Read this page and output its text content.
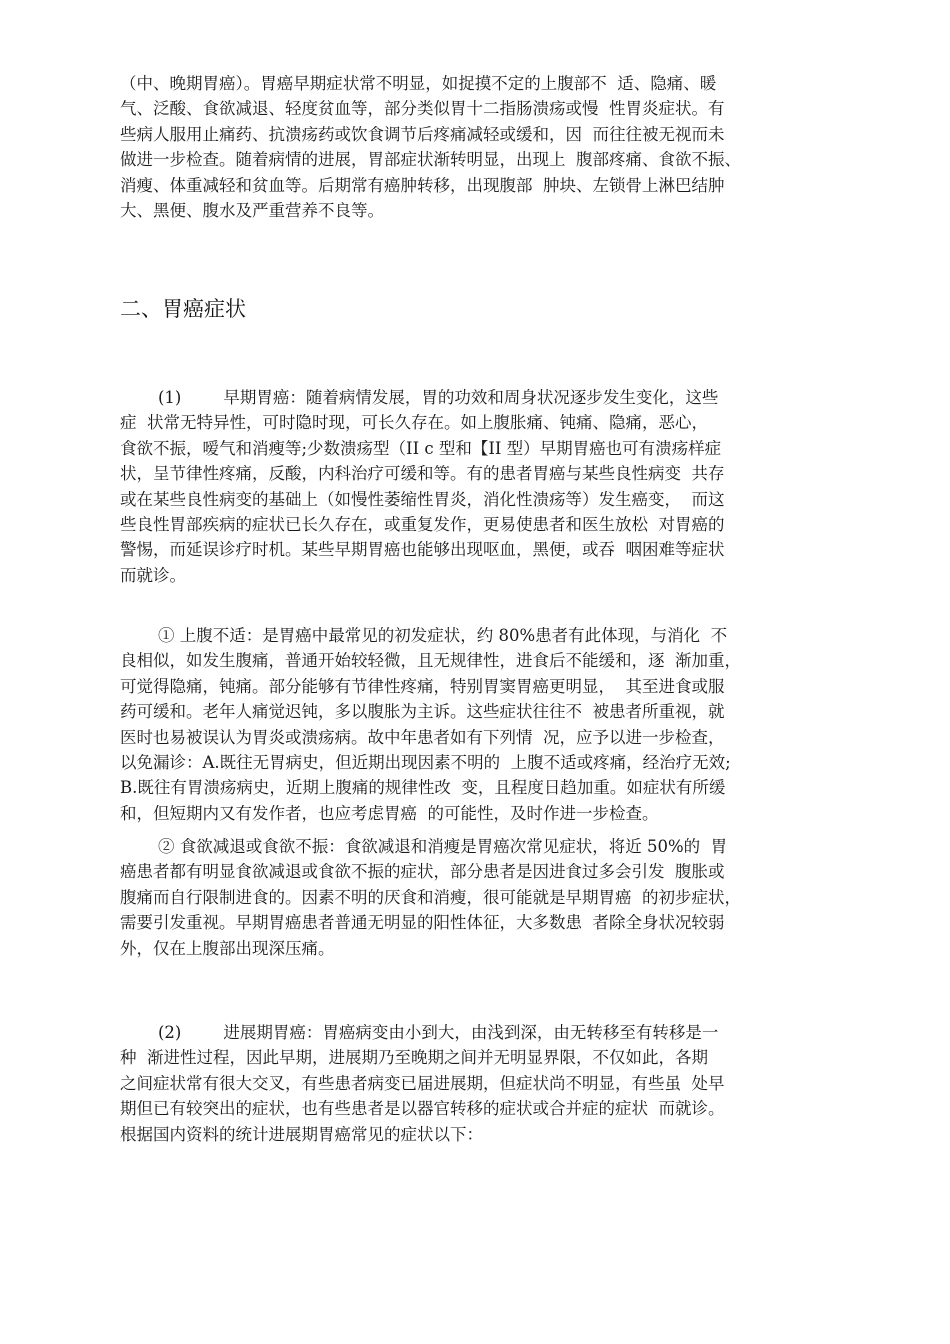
（中、晚期胃癌）。胃癌早期症状常不明显，如捉摸不定的上腹部不  适、隐痛、暖
气、泛酸、食欲减退、轻度贫血等，部分类似胃十二指肠溃疡或慢  性胃炎症状。有
些病人服用止痛药、抗溃疡药或饮食调节后疼痛减轻或缓和，因  而往往被无视而未
做进一步检查。随着病情的进展，胃部症状渐转明显，出现上  腹部疼痛、食欲不振、
消瘦、体重减轻和贫血等。后期常有癌肿转移，出现腹部  肿块、左锁骨上淋巴结肿
大、黑便、腹水及严重营养不良等。
二、胃癌症状
(1)        早期胃癌：随着病情发展，胃的功效和周身状况逐步发生变化，这些
症  状常无特异性，可时隐时现，可长久存在。如上腹胀痛、钝痛、隐痛，恶心，
食欲不振，嗳气和消瘦等;少数溃疡型（II c 型和【II 型）早期胃癌也可有溃疡样症
状，呈节律性疼痛，反酸，内科治疗可缓和等。有的患者胃癌与某些良性病变  共存
或在某些良性病变的基础上（如慢性萎缩性胃炎，消化性溃疡等）发生癌变，  而这
些良性胃部疾病的症状已长久存在，或重复发作，更易使患者和医生放松  对胃癌的
警惕，而延误诊疗时机。某些早期胃癌也能够出现呕血，黑便，或吞  咽困难等症状
而就诊。
① 上腹不适：是胃癌中最常见的初发症状，约 80%患者有此体现，与消化  不
良相似，如发生腹痛，普通开始较轻微，且无规律性，进食后不能缓和，逐  渐加重，
可觉得隐痛，钝痛。部分能够有节律性疼痛，特别胃窦胃癌更明显，  其至进食或服
药可缓和。老年人痛觉迟钝，多以腹胀为主诉。这些症状往往不  被患者所重视，就
医时也易被误认为胃炎或溃疡病。故中年患者如有下列情  况，应予以进一步检查，
以免漏诊：A.既往无胃病史，但近期出现因素不明的  上腹不适或疼痛，经治疗无效;
B.既往有胃溃疡病史，近期上腹痛的规律性改  变，且程度日趋加重。如症状有所缓
和，但短期内又有发作者，也应考虑胃癌  的可能性，及时作进一步检查。
② 食欲减退或食欲不振：食欲减退和消瘦是胃癌次常见症状，将近 50%的  胃
癌患者都有明显食欲减退或食欲不振的症状，部分患者是因进食过多会引发  腹胀或
腹痛而自行限制进食的。因素不明的厌食和消瘦，很可能就是早期胃癌  的初步症状，
需要引发重视。早期胃癌患者普通无明显的阳性体征，大多数患  者除全身状况较弱
外，仅在上腹部出现深压痛。
(2)        进展期胃癌：胃癌病变由小到大，由浅到深，由无转移至有转移是一
种  渐进性过程，因此早期，进展期乃至晚期之间并无明显界限，不仅如此，各期
之间症状常有很大交叉，有些患者病变已届进展期，但症状尚不明显，有些虽  处早
期但已有较突出的症状，也有些患者是以器官转移的症状或合并症的症状  而就诊。
根据国内资料的统计进展期胃癌常见的症状以下：
